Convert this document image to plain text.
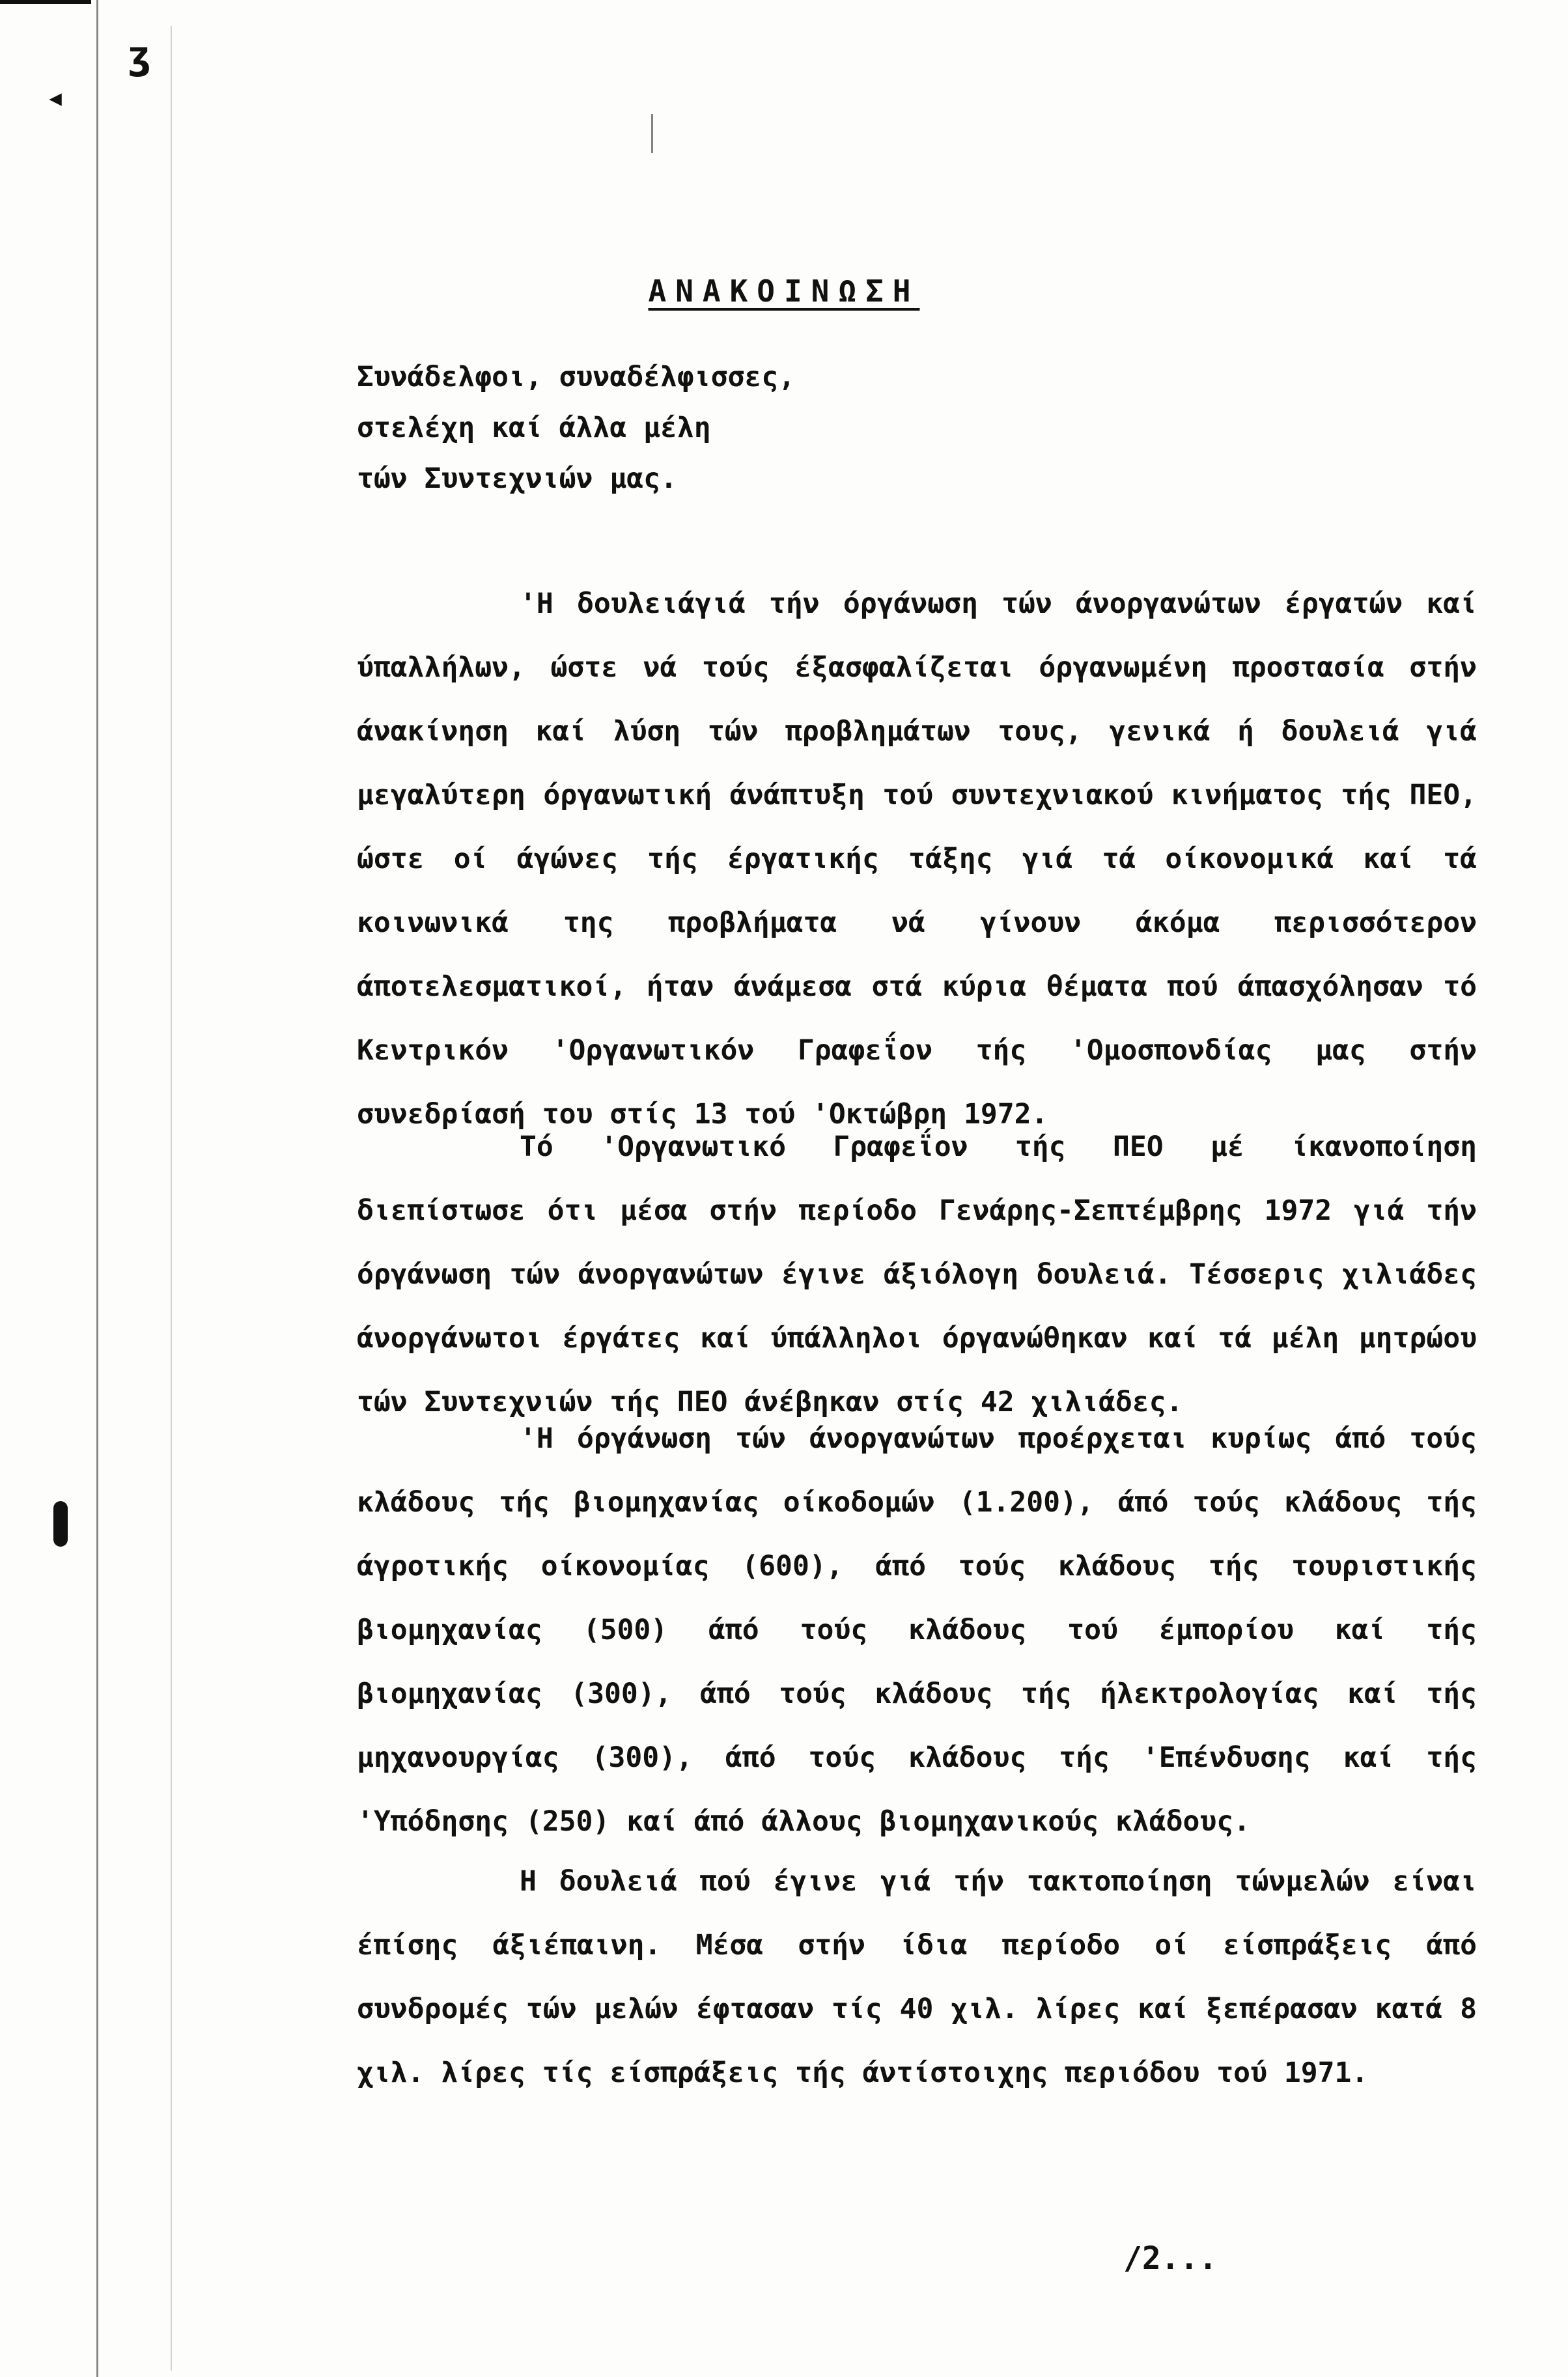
ʒ
◂
ΑΝΑΚΟΙΝΩΣΗ
Συνάδελφοι, συναδέλφισσες,
στελέχη καί άλλα μέλη
τών Συντεχνιών μας.

'Η δουλειάγιά τήν όργάνωση τών άνοργανώτων έργατών καί ύπαλλήλων, ώστε νά τούς έξασφαλίζεται όργανωμένη προστασία στήν άνακίνηση καί λύση τών προβλημάτων τους, γενικά ή δουλειά γιά μεγαλύτερη όργανωτική άνάπτυξη τού συντεχνιακού κινήματος τής ΠΕΟ, ώστε οί άγώνες τής έργατικής τάξης γιά τά οίκονομικά καί τά κοινωνικά της προβλήματα νά γίνουν άκόμα περισσότερον άποτελεσματικοί, ήταν άνάμεσα στά κύρια θέματα πού άπασχόλησαν τό Κεντρικόν 'Οργανωτικόν Γραφεΐον τής 'Ομοσπονδίας μας στήν συνεδρίασή του στίς 13 τού 'Οκτώβρη 1972.

Τό 'Οργανωτικό Γραφεΐον τής ΠΕΟ μέ ίκανοποίηση διεπίστωσε ότι μέσα στήν περίοδο Γενάρης-Σεπτέμβρης 1972 γιά τήν όργάνωση τών άνοργανώτων έγινε άξιόλογη δουλειά. Τέσσερις χιλιάδες άνοργάνωτοι έργάτες καί ύπάλληλοι όργανώθηκαν καί τά μέλη μητρώου τών Συντεχνιών τής ΠΕΟ άνέβηκαν στίς 42 χιλιάδες.

'Η όργάνωση τών άνοργανώτων προέρχεται κυρίως άπό τούς κλάδους τής βιομηχανίας οίκοδομών (1.200), άπό τούς κλάδους τής άγροτικής οίκονομίας (600), άπό τούς κλάδους τής τουριστικής βιομηχανίας (500) άπό τούς κλάδους τού έμπορίου καί τής βιομηχανίας (300), άπό τούς κλάδους τής ήλεκτρολογίας καί τής μηχανουργίας (300), άπό τούς κλάδους τής 'Επένδυσης καί τής 'Υπόδησης (250) καί άπό άλλους βιομηχανικούς κλάδους.

Η δουλειά πού έγινε γιά τήν τακτοποίηση τώνμελών είναι έπίσης άξιέπαινη. Μέσα στήν ίδια περίοδο οί είσπράξεις άπό συνδρομές τών μελών έφτασαν τίς 40 χιλ. λίρες καί ξεπέρασαν κατά 8 χιλ. λίρες τίς είσπράξεις τής άντίστοιχης περιόδου τού 1971.

/2...
